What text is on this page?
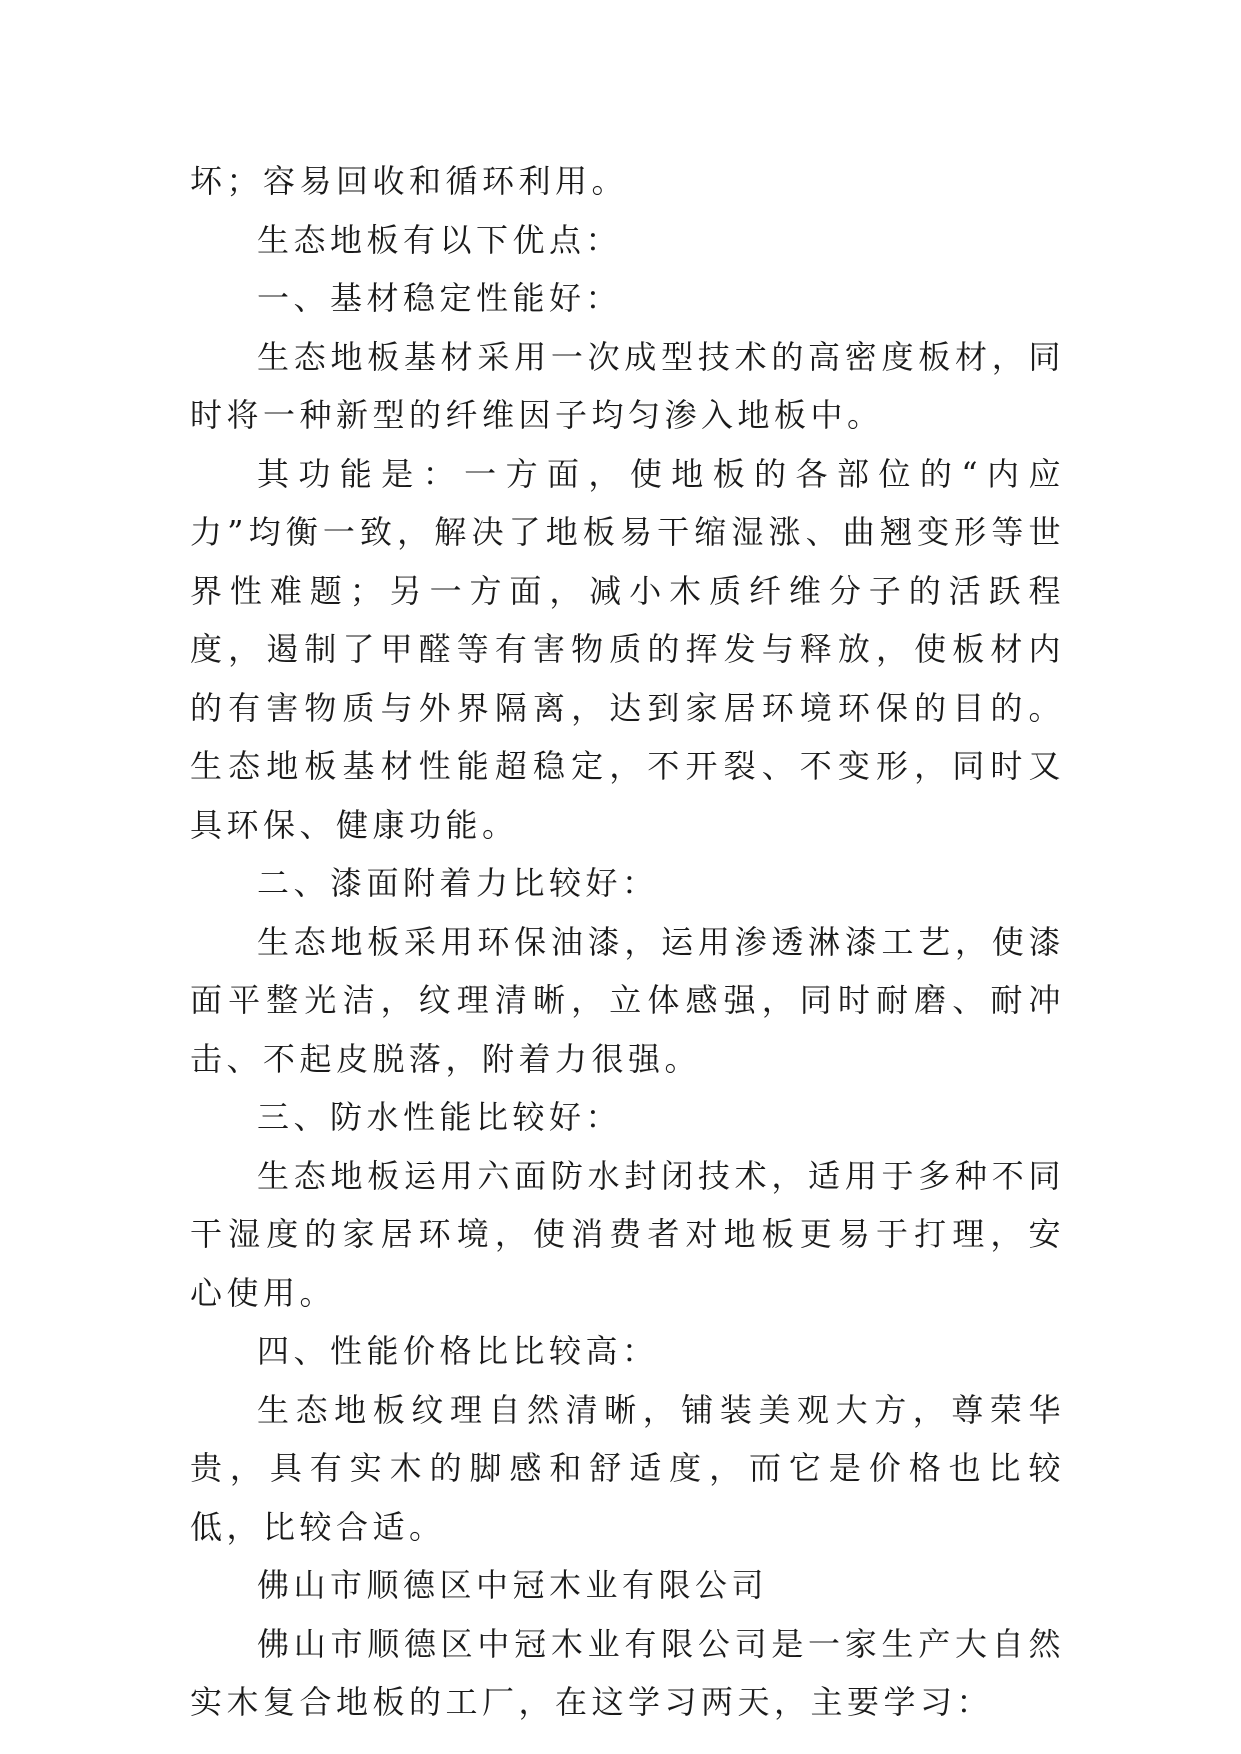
坏；容易回收和循环利用。

生态地板有以下优点：

一、基材稳定性能好：

生态地板基材采用一次成型技术的高密度板材，同时将一种新型的纤维因子均匀渗入地板中。

其功能是：一方面，使地板的各部位的“内应力”均衡一致，解决了地板易干缩湿涨、曲翘变形等世界性难题；另一方面，减小木质纤维分子的活跃程度，遏制了甲醛等有害物质的挥发与释放，使板材内的有害物质与外界隔离，达到家居环境环保的目的。生态地板基材性能超稳定，不开裂、不变形，同时又具环保、健康功能。

二、漆面附着力比较好：

生态地板采用环保油漆，运用渗透淋漆工艺，使漆面平整光洁，纹理清晰，立体感强，同时耐磨、耐冲击、不起皮脱落，附着力很强。

三、防水性能比较好：

生态地板运用六面防水封闭技术，适用于多种不同干湿度的家居环境，使消费者对地板更易于打理，安心使用。

四、性能价格比比较高：

生态地板纹理自然清晰，铺装美观大方，尊荣华贵，具有实木的脚感和舒适度，而它是价格也比较低，比较合适。

佛山市顺德区中冠木业有限公司

佛山市顺德区中冠木业有限公司是一家生产大自然实木复合地板的工厂，在这学习两天，主要学习：
